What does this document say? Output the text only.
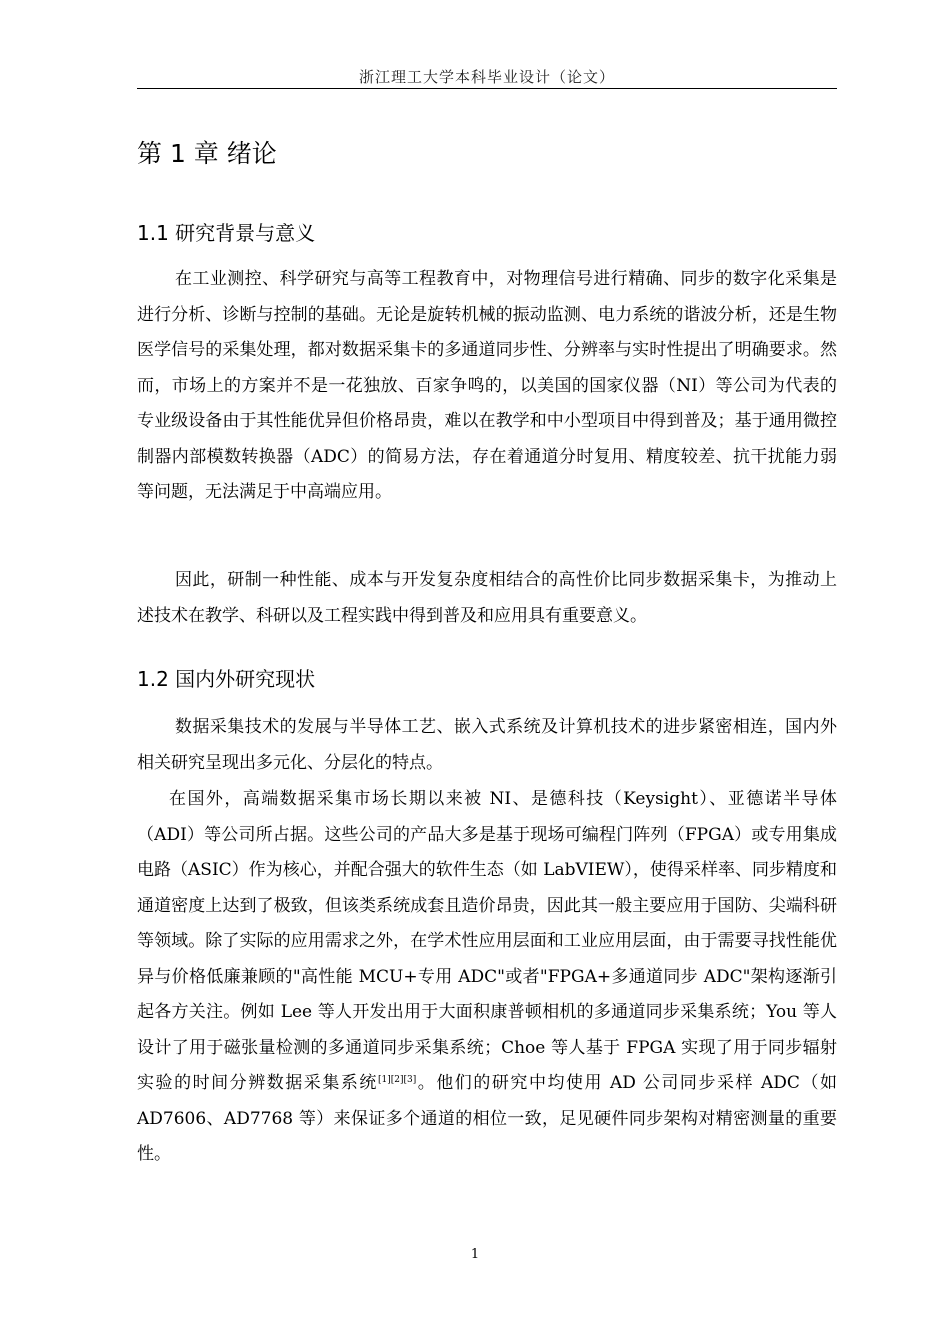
浙江理工大学本科毕业设计（论文）
第 1 章 绪论
1.1 研究背景与意义

在工业测控、科学研究与高等工程教育中，对物理信号进行精确、同步的数字化采集是进行分析、诊断与控制的基础。无论是旋转机械的振动监测、电力系统的谐波分析，还是生物医学信号的采集处理，都对数据采集卡的多通道同步性、分辨率与实时性提出了明确要求。然而，市场上的方案并不是一花独放、百家争鸣的，以美国的国家仪器（NI）等公司为代表的专业级设备由于其性能优异但价格昂贵，难以在教学和中小型项目中得到普及；基于通用微控制器内部模数转换器（ADC）的简易方法，存在着通道分时复用、精度较差、抗干扰能力弱等问题，无法满足于中高端应用。

因此，研制一种性能、成本与开发复杂度相结合的高性价比同步数据采集卡，为推动上述技术在教学、科研以及工程实践中得到普及和应用具有重要意义。

1.2 国内外研究现状

数据采集技术的发展与半导体工艺、嵌入式系统及计算机技术的进步紧密相连，国内外相关研究呈现出多元化、分层化的特点。

在国外，高端数据采集市场长期以来被 NI、是德科技（Keysight）、亚德诺半导体（ADI）等公司所占据。这些公司的产品大多是基于现场可编程门阵列（FPGA）或专用集成电路（ASIC）作为核心，并配合强大的软件生态（如 LabVIEW），使得采样率、同步精度和通道密度上达到了极致，但该类系统成套且造价昂贵，因此其一般主要应用于国防、尖端科研等领域。除了实际的应用需求之外，在学术性应用层面和工业应用层面，由于需要寻找性能优异与价格低廉兼顾的"高性能 MCU+专用 ADC"或者"FPGA+多通道同步 ADC"架构逐渐引起各方关注。例如 Lee 等人开发出用于大面积康普顿相机的多通道同步采集系统；You 等人设计了用于磁张量检测的多通道同步采集系统；Choe 等人基于 FPGA 实现了用于同步辐射实验的时间分辨数据采集系统[1][2][3]。他们的研究中均使用 AD 公司同步采样 ADC（如 AD7606、AD7768 等）来保证多个通道的相位一致，足见硬件同步架构对精密测量的重要性。

1
